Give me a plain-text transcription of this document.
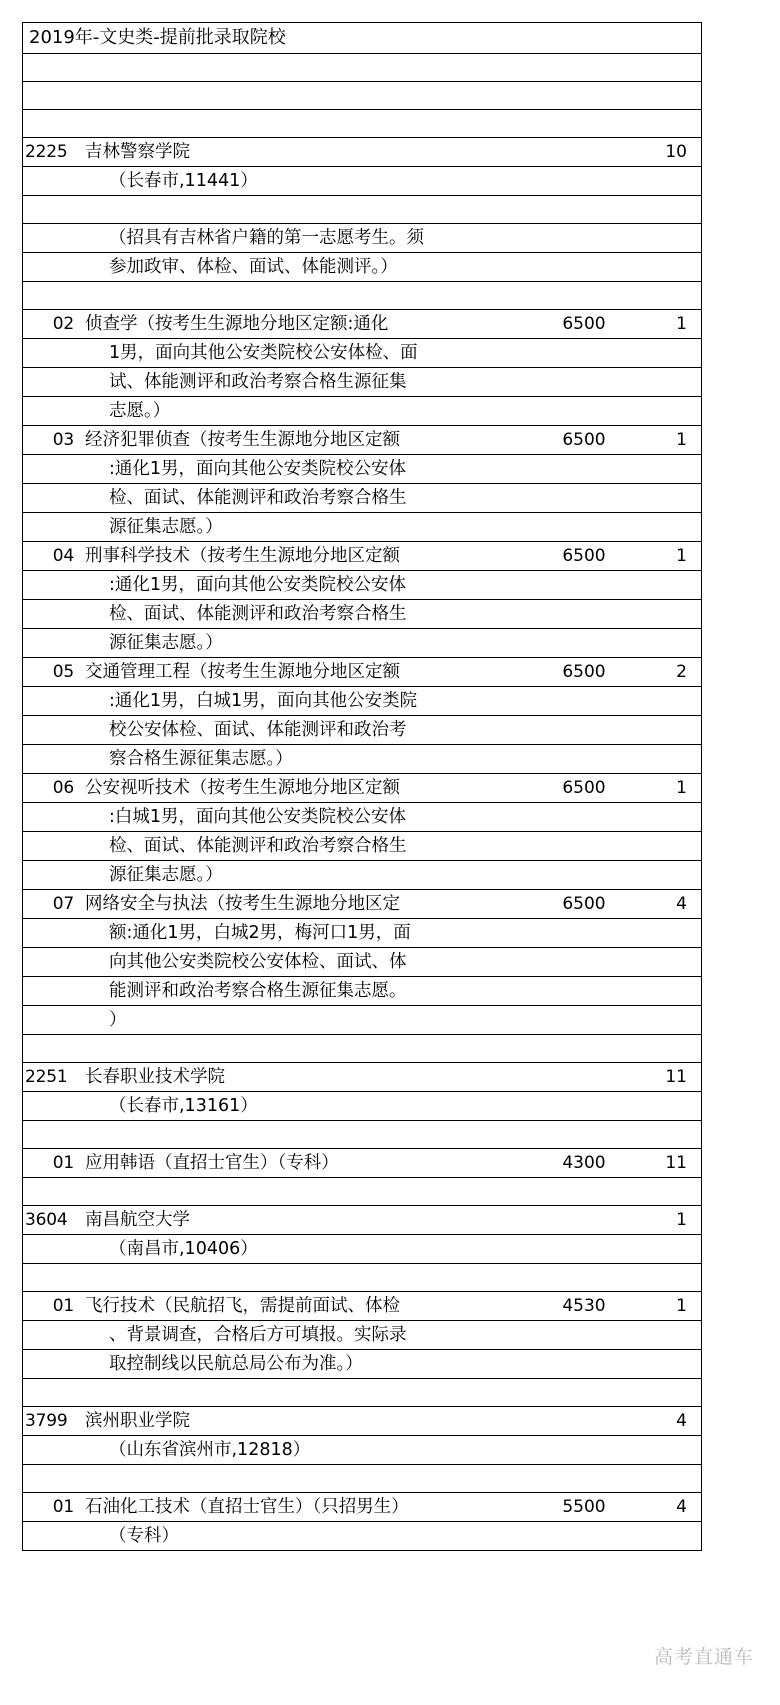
2019年-文史类-提前批录取院校
2225	吉林警察学院	10
（长春市,11441）
（招具有吉林省户籍的第一志愿考生。须
参加政审、体检、面试、体能测评。）
02 侦查学（按考生生源地分地区定额:通化	6500	1
1男，面向其他公安类院校公安体检、面
试、体能测评和政治考察合格生源征集
志愿。）
03 经济犯罪侦查（按考生生源地分地区定额	6500	1
:通化1男，面向其他公安类院校公安体
检、面试、体能测评和政治考察合格生
源征集志愿。）
04 刑事科学技术（按考生生源地分地区定额	6500	1
:通化1男，面向其他公安类院校公安体
检、面试、体能测评和政治考察合格生
源征集志愿。）
05 交通管理工程（按考生生源地分地区定额	6500	2
:通化1男，白城1男，面向其他公安类院
校公安体检、面试、体能测评和政治考
察合格生源征集志愿。）
06 公安视听技术（按考生生源地分地区定额	6500	1
:白城1男，面向其他公安类院校公安体
检、面试、体能测评和政治考察合格生
源征集志愿。）
07 网络安全与执法（按考生生源地分地区定	6500	4
额:通化1男，白城2男，梅河口1男，面
向其他公安类院校公安体检、面试、体
能测评和政治考察合格生源征集志愿。
）
2251	长春职业技术学院	11
（长春市,13161）
01 应用韩语（直招士官生）（专科）	4300	11
3604	南昌航空大学	1
（南昌市,10406）
01 飞行技术（民航招飞，需提前面试、体检	4530	1
、背景调查，合格后方可填报。实际录
取控制线以民航总局公布为准。）
3799	滨州职业学院	4
（山东省滨州市,12818）
01 石油化工技术（直招士官生）（只招男生）	5500	4
（专科）
高考直通车
